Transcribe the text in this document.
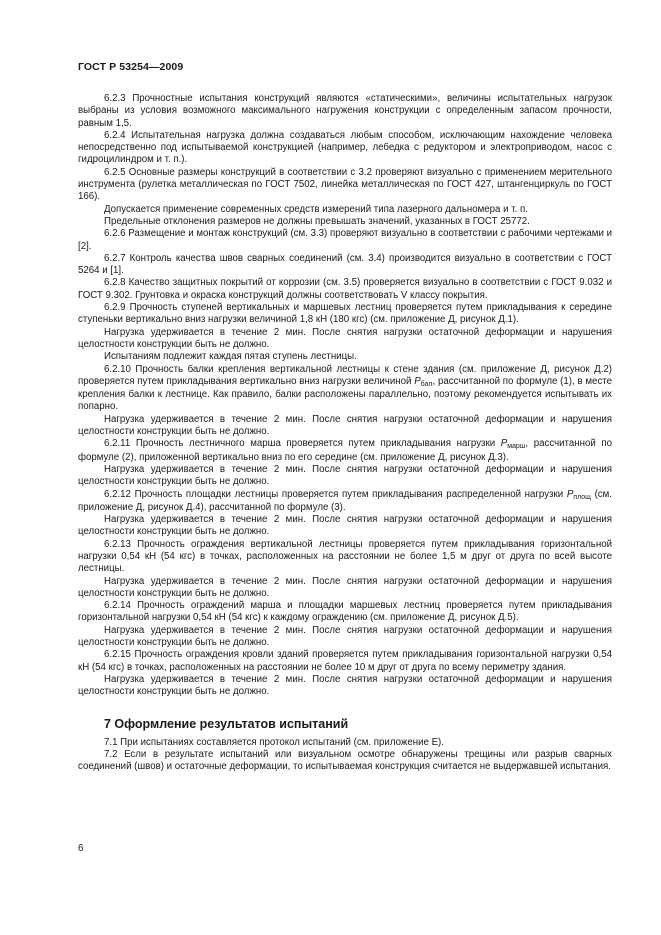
ГОСТ Р 53254—2009

6.2.3 Прочностные испытания конструкций являются «статическими», величины испытательных нагрузок выбраны из условия возможного максимального нагружения конструкции с определенным запасом прочности, равным 1,5.

6.2.4 Испытательная нагрузка должна создаваться любым способом, исключающим нахождение человека непосредственно под испытываемой конструкцией (например, лебедка с редуктором и электроприводом, насос с гидроцилиндром и т. п.).

6.2.5 Основные размеры конструкций в соответствии с 3.2 проверяют визуально с применением мерительного инструмента (рулетка металлическая по ГОСТ 7502, линейка металлическая по ГОСТ 427, штангенциркуль по ГОСТ 166).

Допускается применение современных средств измерений типа лазерного дальномера и т. п.

Предельные отклонения размеров не должны превышать значений, указанных в ГОСТ 25772.

6.2.6 Размещение и монтаж конструкций (см. 3.3) проверяют визуально в соответствии с рабочими чертежами и [2].

6.2.7 Контроль качества швов сварных соединений (см. 3.4) производится визуально в соответствии с ГОСТ 5264 и [1].

6.2.8 Качество защитных покрытий от коррозии (см. 3.5) проверяется визуально в соответствии с ГОСТ 9.032 и ГОСТ 9.302. Грунтовка и окраска конструкций должны соответствовать V классу покрытия.

6.2.9 Прочность ступеней вертикальных и маршевых лестниц проверяется путем прикладывания к середине ступеньки вертикально вниз нагрузки величиной 1,8 кН (180 кгс) (см. приложение Д, рисунок Д.1).

Нагрузка удерживается в течение 2 мин. После снятия нагрузки остаточной деформации и нарушения целостности конструкции быть не должно.

Испытаниям подлежит каждая пятая ступень лестницы.

6.2.10 Прочность балки крепления вертикальной лестницы к стене здания (см. приложение Д, рисунок Д.2) проверяется путем прикладывания вертикально вниз нагрузки величиной $P_{бал}$, рассчитанной по формуле (1), в месте крепления балки к лестнице. Как правило, балки расположены параллельно, поэтому рекомендуется испытывать их попарно.

Нагрузка удерживается в течение 2 мин. После снятия нагрузки остаточной деформации и нарушения целостности конструкции быть не должно.

6.2.11 Прочность лестничного марша проверяется путем прикладывания нагрузки $P_{марш}$, рассчитанной по формуле (2), приложенной вертикально вниз по его середине (см. приложение Д, рисунок Д.3).

Нагрузка удерживается в течение 2 мин. После снятия нагрузки остаточной деформации и нарушения целостности конструкции быть не должно.

6.2.12 Прочность площадки лестницы проверяется путем прикладывания распределенной нагрузки $P_{площ}$ (см. приложение Д, рисунок Д.4), рассчитанной по формуле (3).

Нагрузка удерживается в течение 2 мин. После снятия нагрузки остаточной деформации и нарушения целостности конструкции быть не должно.

6.2.13 Прочность ограждения вертикальной лестницы проверяется путем прикладывания горизонтальной нагрузки 0,54 кН (54 кгс) в точках, расположенных на расстоянии не более 1,5 м друг от друга по всей высоте лестницы.

Нагрузка удерживается в течение 2 мин. После снятия нагрузки остаточной деформации и нарушения целостности конструкции быть не должно.

6.2.14 Прочность ограждений марша и площадки маршевых лестниц проверяется путем прикладывания горизонтальной нагрузки 0,54 кН (54 кгс) к каждому ограждению (см. приложение Д, рисунок Д.5).

Нагрузка удерживается в течение 2 мин. После снятия нагрузки остаточной деформации и нарушения целостности конструкции быть не должно.

6.2.15 Прочность ограждения кровли зданий проверяется путем прикладывания горизонтальной нагрузки 0,54 кН (54 кгс) в точках, расположенных на расстоянии не более 10 м друг от друга по всему периметру здания.

Нагрузка удерживается в течение 2 мин. После снятия нагрузки остаточной деформации и нарушения целостности конструкции быть не должно.

7 Оформление результатов испытаний

7.1 При испытаниях составляется протокол испытаний (см. приложение Е).

7.2 Если в результате испытаний или визуальном осмотре обнаружены трещины или разрыв сварных соединений (швов) и остаточные деформации, то испытываемая конструкция считается не выдержавшей испытания.

6
